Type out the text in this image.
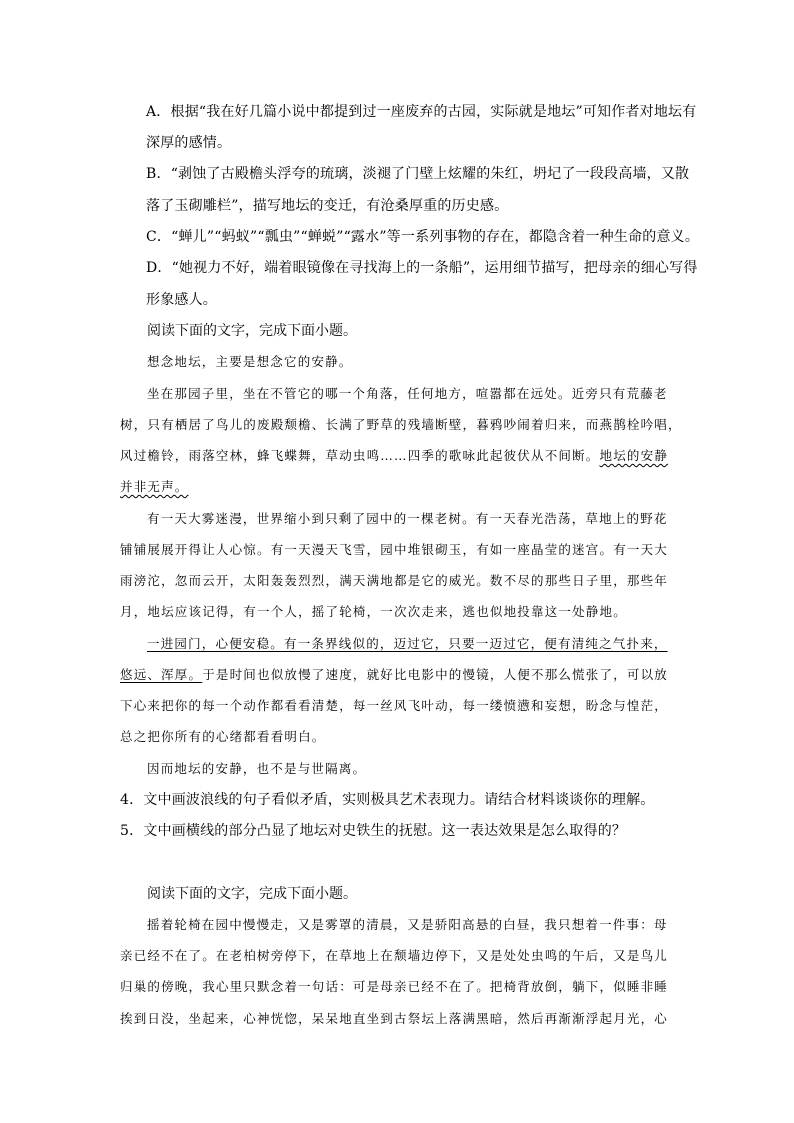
A．根据“我在好几篇小说中都提到过一座废弃的古园，实际就是地坛”可知作者对地坛有
深厚的感情。
B．“剥蚀了古殿檐头浮夸的琉璃，淡褪了门壁上炫耀的朱红，坍圮了一段段高墙，又散
落了玉砌雕栏”，描写地坛的变迁，有沧桑厚重的历史感。
C．“蝉儿”“蚂蚁”“瓢虫”“蝉蜕”“露水”等一系列事物的存在，都隐含着一种生命的意义。
D．“她视力不好，端着眼镜像在寻找海上的一条船”，运用细节描写，把母亲的细心写得
形象感人。
阅读下面的文字，完成下面小题。
想念地坛，主要是想念它的安静。
坐在那园子里，坐在不管它的哪一个角落，任何地方，喧嚣都在远处。近旁只有荒藤老
树，只有栖居了鸟儿的废殿颓檐、长满了野草的残墙断壁，暮鸦吵闹着归来，而燕鹊栓吟唱，
风过檐铃，雨落空林，蜂飞蝶舞，草动虫鸣……四季的歌咏此起彼伏从不间断。地坛的安静
并非无声。
有一天大雾迷漫，世界缩小到只剩了园中的一棵老树。有一天春光浩荡，草地上的野花
铺铺展展开得让人心惊。有一天漫天飞雪，园中堆银砌玉，有如一座晶莹的迷宫。有一天大
雨滂沱，忽而云开，太阳轰轰烈烈，满天满地都是它的威光。数不尽的那些日子里，那些年
月，地坛应该记得，有一个人，摇了轮椅，一次次走来，逃也似地投靠这一处静地。
一进园门，心便安稳。有一条界线似的，迈过它，只要一迈过它，便有清纯之气扑来，
悠远、浑厚。于是时间也似放慢了速度，就好比电影中的慢镜，人便不那么慌张了，可以放
下心来把你的每一个动作都看看清楚，每一丝风飞叶动，每一缕愤懑和妄想，盼念与惶茫，
总之把你所有的心绪都看看明白。
因而地坛的安静，也不是与世隔离。
4．文中画波浪线的句子看似矛盾，实则极具艺术表现力。请结合材料谈谈你的理解。
5．文中画横线的部分凸显了地坛对史铁生的抚慰。这一表达效果是怎么取得的？
阅读下面的文字，完成下面小题。
摇着轮椅在园中慢慢走，又是雾罩的清晨，又是骄阳高悬的白昼，我只想着一件事：母
亲已经不在了。在老柏树旁停下，在草地上在颓墙边停下，又是处处虫鸣的午后，又是鸟儿
归巢的傍晚，我心里只默念着一句话：可是母亲已经不在了。把椅背放倒，躺下，似睡非睡
挨到日没，坐起来，心神恍惚，呆呆地直坐到古祭坛上落满黑暗，然后再渐渐浮起月光，心
